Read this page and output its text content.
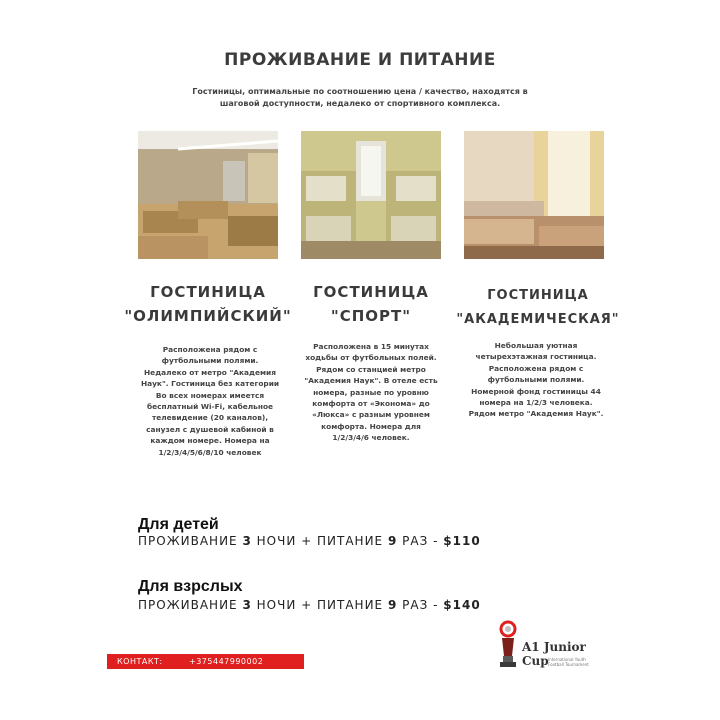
ПРОЖИВАНИЕ И ПИТАНИЕ
Гостиницы, оптимальные по соотношению цена / качество, находятся в шаговой доступности, недалеко от спортивного комплекса.
ГОСТИНИЦА
"ОЛИМПИЙСКИЙ"
ГОСТИНИЦА
"СПОРТ"
ГОСТИНИЦА
"АКАДЕМИЧЕСКАЯ"
Расположена рядом с футбольными полями. Недалеко от метро "Академия Наук". Гостиница без категории Во всех номерах имеется бесплатный Wi-Fi, кабельное телевидение (20 каналов), санузел с душевой кабиной в каждом номере. Номера на 1/2/3/4/5/6/8/10 человек
Расположена в 15 минутах ходьбы от футбольных полей. Рядом со станцией метро "Академия Наук". В отеле есть номера, разные по уровню комфорта от «Эконома» до «Люкса» с разным уровнем комфорта. Номера для 1/2/3/4/6 человек.
Небольшая уютная четырехэтажная гостиница. Расположена рядом с футбольными полями. Номерной фонд гостиницы 44 номера на 1/2/3 человека. Рядом метро "Академия Наук".
Для детей
ПРОЖИВАНИЕ 3 НОЧИ + ПИТАНИЕ 9 РАЗ - $110
Для взрслых
ПРОЖИВАНИЕ 3 НОЧИ + ПИТАНИЕ 9 РАЗ - $140
КОНТАКТ:	+375447990002
A1 Junior
Cup International Youth
Football Tournament
